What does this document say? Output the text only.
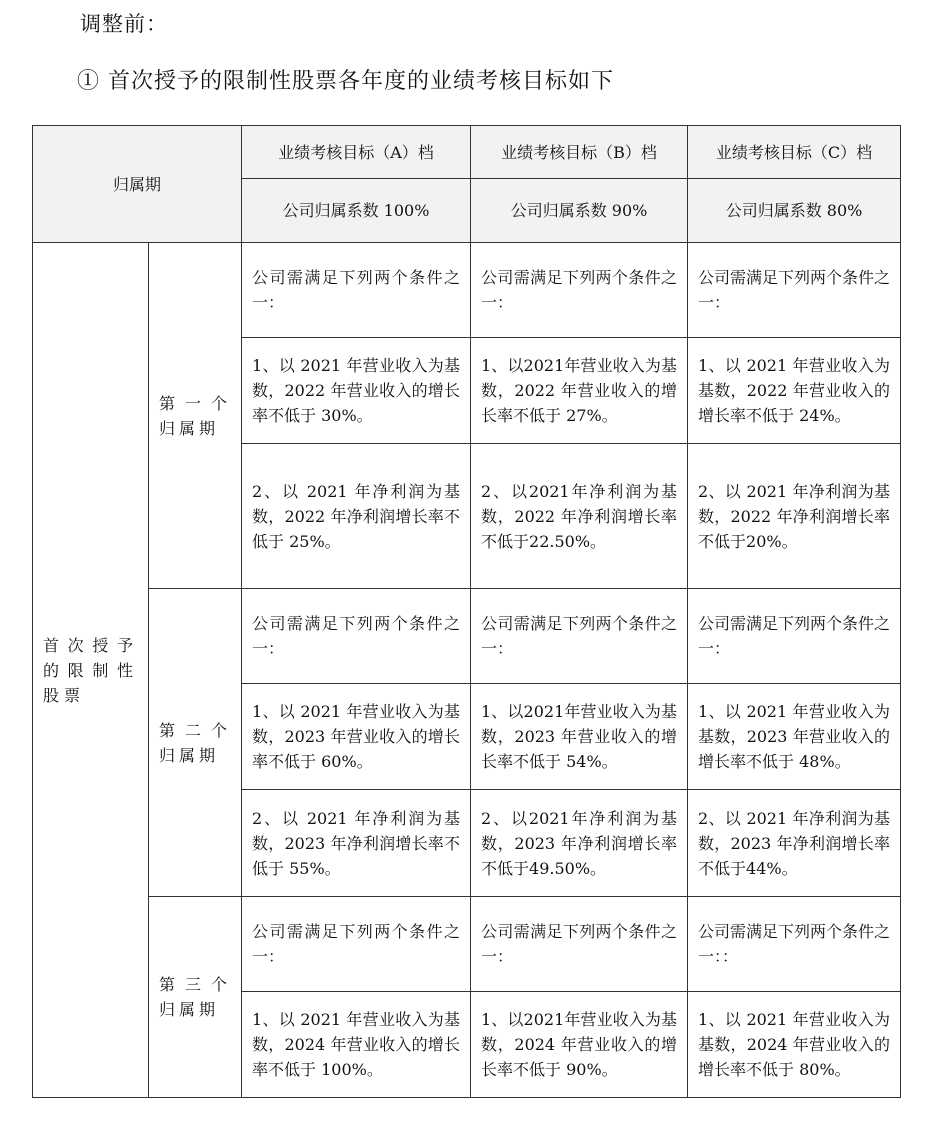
调整前：
① 首次授予的限制性股票各年度的业绩考核目标如下
归属期		业绩考核目标（A）档	业绩考核目标（B）档	业绩考核目标（C）档
		公司归属系数 100%	公司归属系数 90%	公司归属系数 80%
首次授予的限制性股票	第一个归属期	公司需满足下列两个条件之一：	公司需满足下列两个条件之一：	公司需满足下列两个条件之一：
		1、以 2021 年营业收入为基数，2022 年营业收入的增长率不低于 30%。	1、以2021年营业收入为基数，2022 年营业收入的增长率不低于 27%。	1、以 2021 年营业收入为基数，2022 年营业收入的增长率不低于 24%。
		2、以 2021 年净利润为基数，2022 年净利润增长率不低于 25%。	2、以2021年净利润为基数，2022 年净利润增长率不低于22.50%。	2、以 2021 年净利润为基数，2022 年净利润增长率不低于20%。
	第二个归属期	公司需满足下列两个条件之一：	公司需满足下列两个条件之一：	公司需满足下列两个条件之一：
		1、以 2021 年营业收入为基数，2023 年营业收入的增长率不低于 60%。	1、以2021年营业收入为基数，2023 年营业收入的增长率不低于 54%。	1、以 2021 年营业收入为基数，2023 年营业收入的增长率不低于 48%。
		2、以 2021 年净利润为基数，2023 年净利润增长率不低于 55%。	2、以2021年净利润为基数，2023 年净利润增长率不低于49.50%。	2、以 2021 年净利润为基数，2023 年净利润增长率不低于44%。
	第三个归属期	公司需满足下列两个条件之一：	公司需满足下列两个条件之一：	公司需满足下列两个条件之一：：
		1、以 2021 年营业收入为基数，2024 年营业收入的增长率不低于 100%。	1、以2021年营业收入为基数，2024 年营业收入的增长率不低于 90%。	1、以 2021 年营业收入为基数，2024 年营业收入的增长率不低于 80%。
